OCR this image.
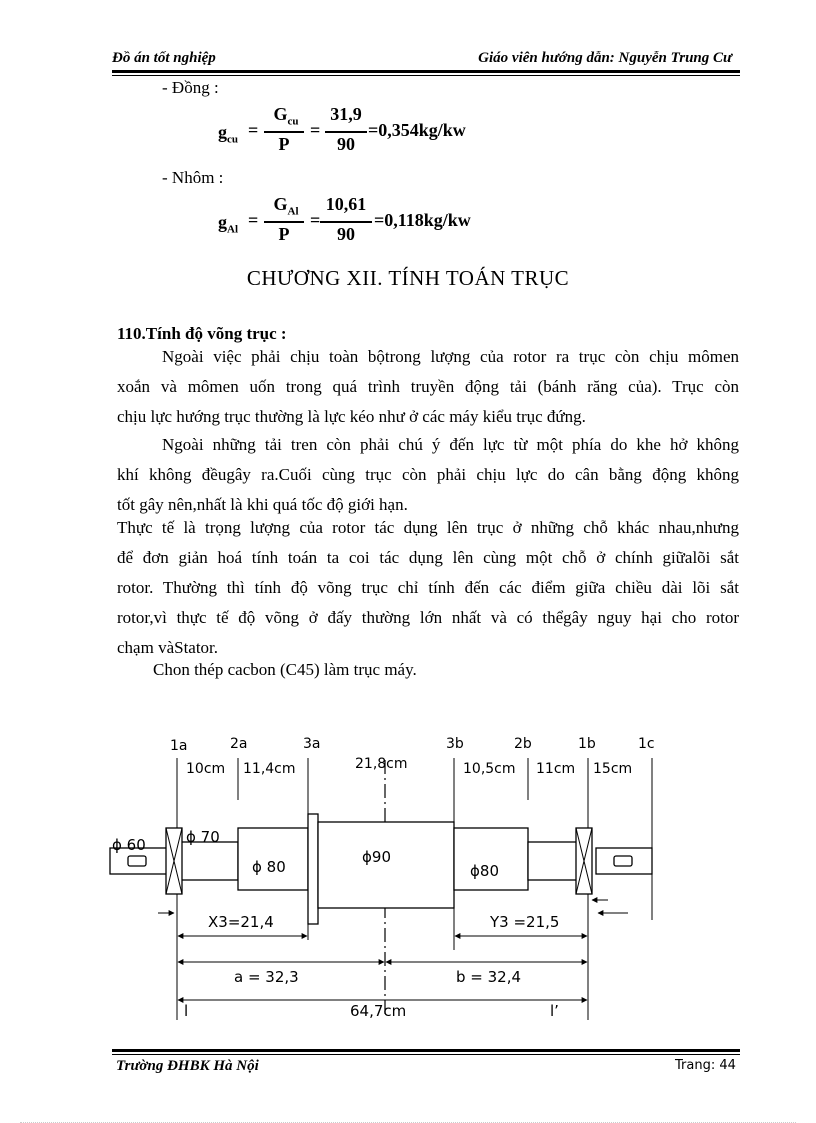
Đồ án tốt nghiệp	Giáo viên hướng dẫn: Nguyễn Trung Cư
- Đồng :
$g_{cu}$ =
$G_{cu}$
P
=
31,9
90
=0,354kg/kw
- Nhôm :
$g_{Al}$ =
$G_{Al}$
P
=
10,61
90
=0,118kg/kw
CHƯƠNG XII. TÍNH TOÁN TRỤC
110.Tính độ võng trục :
Ngoài việc phải chịu toàn bộtrong lượng của rotor ra trục còn chịu mômen
xoắn và mômen uốn trong quá trình truyền động tải (bánh răng của). Trục còn
chịu lực hướng trục thường là lực kéo như ở các máy kiểu trục đứng.
Ngoài những tải tren còn phải chú ý đến lực từ một phía do khe hở không
khí không đềugây ra.Cuối cùng trục còn phải chịu lực do cân bằng động không
tốt gây nên,nhất là khi quá tốc độ giới hạn.
Thực tế là trọng lượng của rotor tác dụng lên trục ở những chỗ khác nhau,nhưng
để đơn giản hoá tính toán ta coi tác dụng lên cùng một chỗ ở chính giữalõi sắt
rotor. Thường thì tính độ võng trục chỉ tính đến các điểm giữa chiều dài lõi sắt
rotor,vì thực tế độ võng ở đấy thường lớn nhất và có thểgây nguy hại cho rotor
chạm vàStator.
Chon thép cacbon (C45) làm trục máy.
1a	2a	3a	3b	2b	1b	1c
10cm 11,4cm	21,8cm	10,5cm 11cm 15cm
ϕ 60	ϕ 70
ϕ 80
ϕ90
ϕ80
X3=21,4	Y3 =21,5
a = 32,3	b = 32,4
l	64,7cm	l’
Trường ĐHBK Hà Nội	Trang: 44
